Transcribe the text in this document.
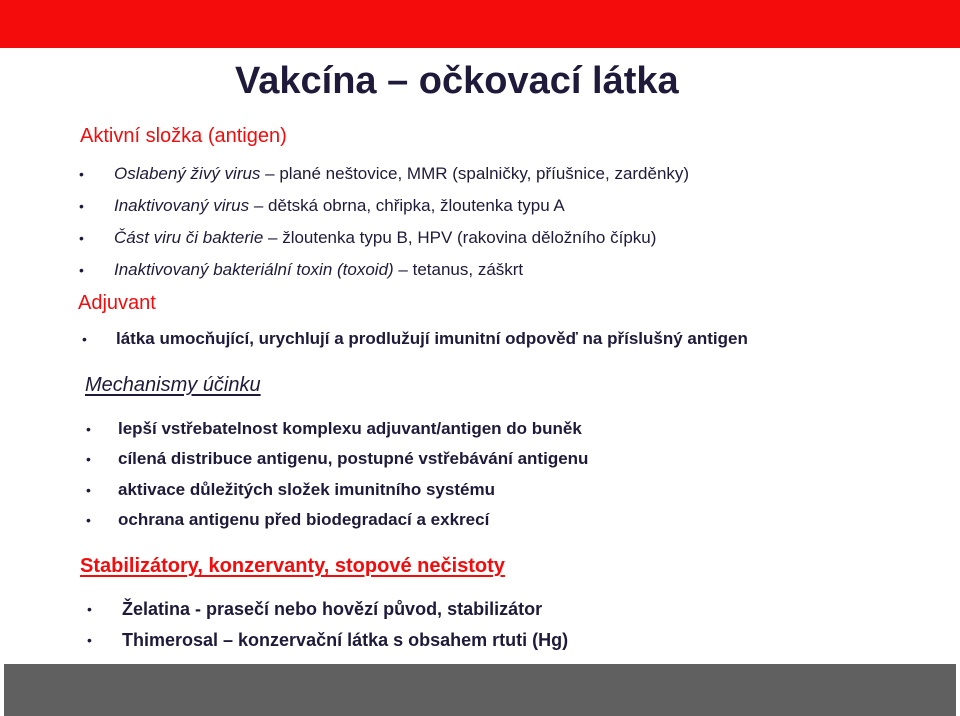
Vakcína – očkovací látka
Aktivní složka (antigen)
• Oslabený živý virus – plané neštovice, MMR (spalničky, příušnice, zarděnky)
• Inaktivovaný virus – dětská obrna, chřipka, žloutenka typu A
• Část viru či bakterie – žloutenka typu B, HPV (rakovina děložního čípku)
• Inaktivovaný bakteriální toxin (toxoid) – tetanus, záškrt
Adjuvant
• látka umocňující, urychlují a prodlužují imunitní odpověď na příslušný antigen
Mechanismy účinku
• lepší vstřebatelnost komplexu adjuvant/antigen do buněk
• cílená distribuce antigenu, postupné vstřebávání antigenu
• aktivace důležitých složek imunitního systému
• ochrana antigenu před biodegradací a exkrecí
Stabilizátory, konzervanty, stopové nečistoty
• Želatina - prasečí nebo hovězí původ, stabilizátor
• Thimerosal – konzervační látka s obsahem rtuti (Hg)
